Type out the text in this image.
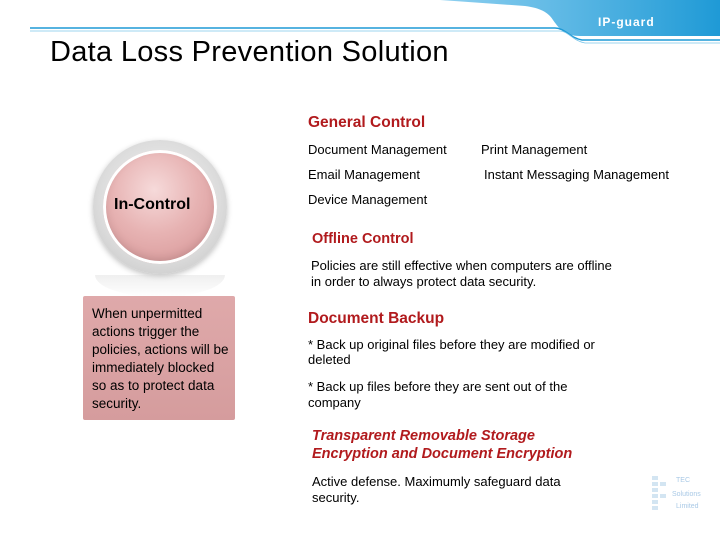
IP-guard
Data Loss Prevention Solution
In-Control
When unpermitted actions trigger the policies, actions will be immediately blocked so as to protect data security.
General Control
Document Management	Print Management
Email Management	Instant Messaging Management
Device Management
Offline Control
Policies are still effective when computers are offline
in order to always protect data security.
Document Backup
* Back up original files before they are modified or
deleted
* Back up files before they are sent out of the
company
Transparent Removable Storage
Encryption and Document Encryption
Active defense. Maximumly safeguard data
security.
TEC
Solutions
Limited
